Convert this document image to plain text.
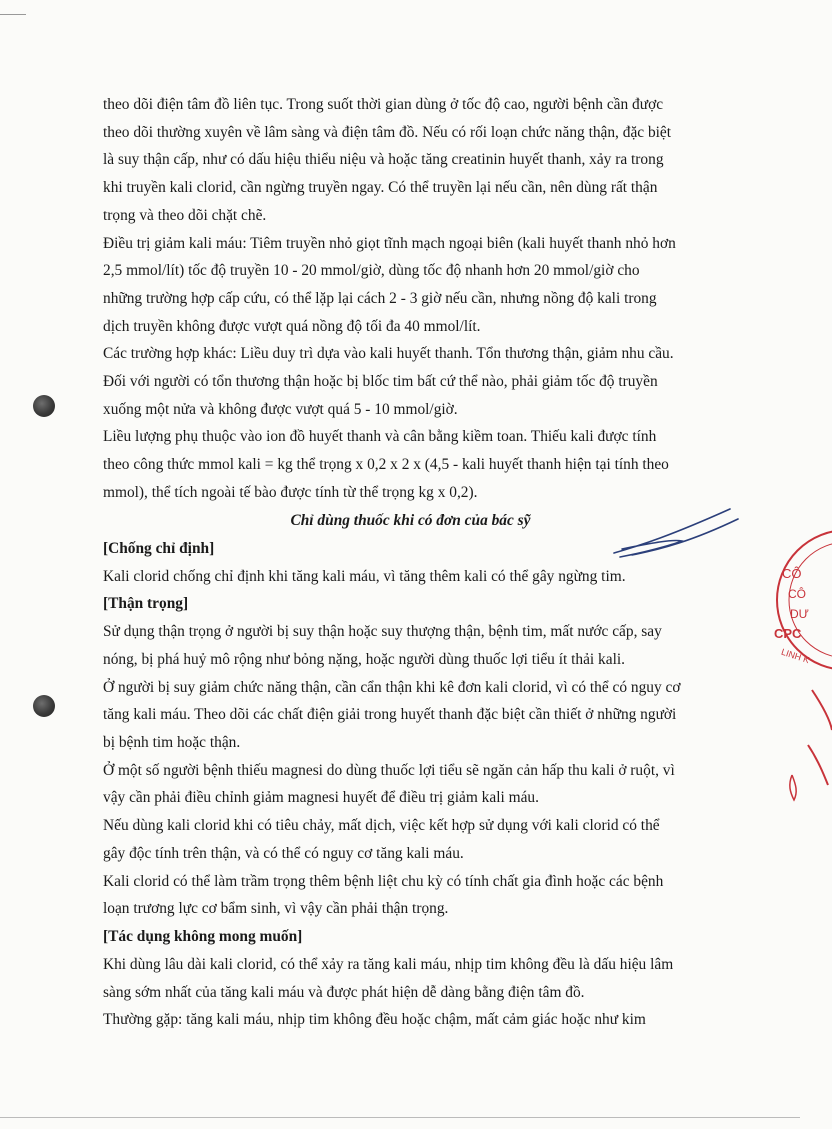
theo dõi điện tâm đồ liên tục. Trong suốt thời gian dùng ở tốc độ cao, người bệnh cần được
theo dõi thường xuyên về lâm sàng và điện tâm đồ. Nếu có rối loạn chức năng thận, đặc biệt
là suy thận cấp, như có dấu hiệu thiểu niệu và hoặc tăng creatinin huyết thanh, xảy ra trong
khi truyền kali clorid, cần ngừng truyền ngay. Có thể truyền lại nếu cần, nên dùng rất thận
trọng và theo dõi chặt chẽ.
Điều trị giảm kali máu: Tiêm truyền nhỏ giọt tĩnh mạch ngoại biên (kali huyết thanh nhỏ hơn
2,5 mmol/lít) tốc độ truyền 10 - 20 mmol/giờ, dùng tốc độ nhanh hơn 20 mmol/giờ cho
những trường hợp cấp cứu, có thể lặp lại cách 2 - 3 giờ nếu cần, nhưng nồng độ kali trong
dịch truyền không được vượt quá nồng độ tối đa 40 mmol/lít.
Các trường hợp khác: Liều duy trì dựa vào kali huyết thanh. Tổn thương thận, giảm nhu cầu.
Đối với người có tổn thương thận hoặc bị blốc tim bất cứ thể nào, phải giảm tốc độ truyền
xuống một nửa và không được vượt quá 5 - 10 mmol/giờ.
Liều lượng phụ thuộc vào ion đồ huyết thanh và cân bằng kiềm toan. Thiếu kali được tính
theo công thức mmol kali = kg thể trọng x 0,2 x 2 x (4,5 - kali huyết thanh hiện tại tính theo
mmol), thể tích ngoài tế bào được tính từ thể trọng kg x 0,2).

Chỉ dùng thuốc khi có đơn của bác sỹ

[Chống chỉ định]

Kali clorid chống chỉ định khi tăng kali máu, vì tăng thêm kali có thể gây ngừng tim.

[Thận trọng]

Sử dụng thận trọng ở người bị suy thận hoặc suy thượng thận, bệnh tim, mất nước cấp, say
nóng, bị phá huỷ mô rộng như bỏng nặng, hoặc người dùng thuốc lợi tiểu ít thải kali.
Ở người bị suy giảm chức năng thận, cần cẩn thận khi kê đơn kali clorid, vì có thể có nguy cơ
tăng kali máu. Theo dõi các chất điện giải trong huyết thanh đặc biệt cần thiết ở những người
bị bệnh tim hoặc thận.
Ở một số người bệnh thiếu magnesi do dùng thuốc lợi tiểu sẽ ngăn cản hấp thu kali ở ruột, vì
vậy cần phải điều chỉnh giảm magnesi huyết để điều trị giảm kali máu.
Nếu dùng kali clorid khi có tiêu chảy, mất dịch, việc kết hợp sử dụng với kali clorid có thể
gây độc tính trên thận, và có thể có nguy cơ tăng kali máu.
Kali clorid có thể làm trầm trọng thêm bệnh liệt chu kỳ có tính chất gia đình hoặc các bệnh
loạn trương lực cơ bẩm sinh, vì vậy cần phải thận trọng.

[Tác dụng không mong muốn]

Khi dùng lâu dài kali clorid, có thể xảy ra tăng kali máu, nhịp tim không đều là dấu hiệu lâm
sàng sớm nhất của tăng kali máu và được phát hiện dễ dàng bằng điện tâm đồ.
Thường gặp: tăng kali máu, nhịp tim không đều hoặc chậm, mất cảm giác hoặc như kim
CÔ
CÔ
DƯ
CPC
LINH K
